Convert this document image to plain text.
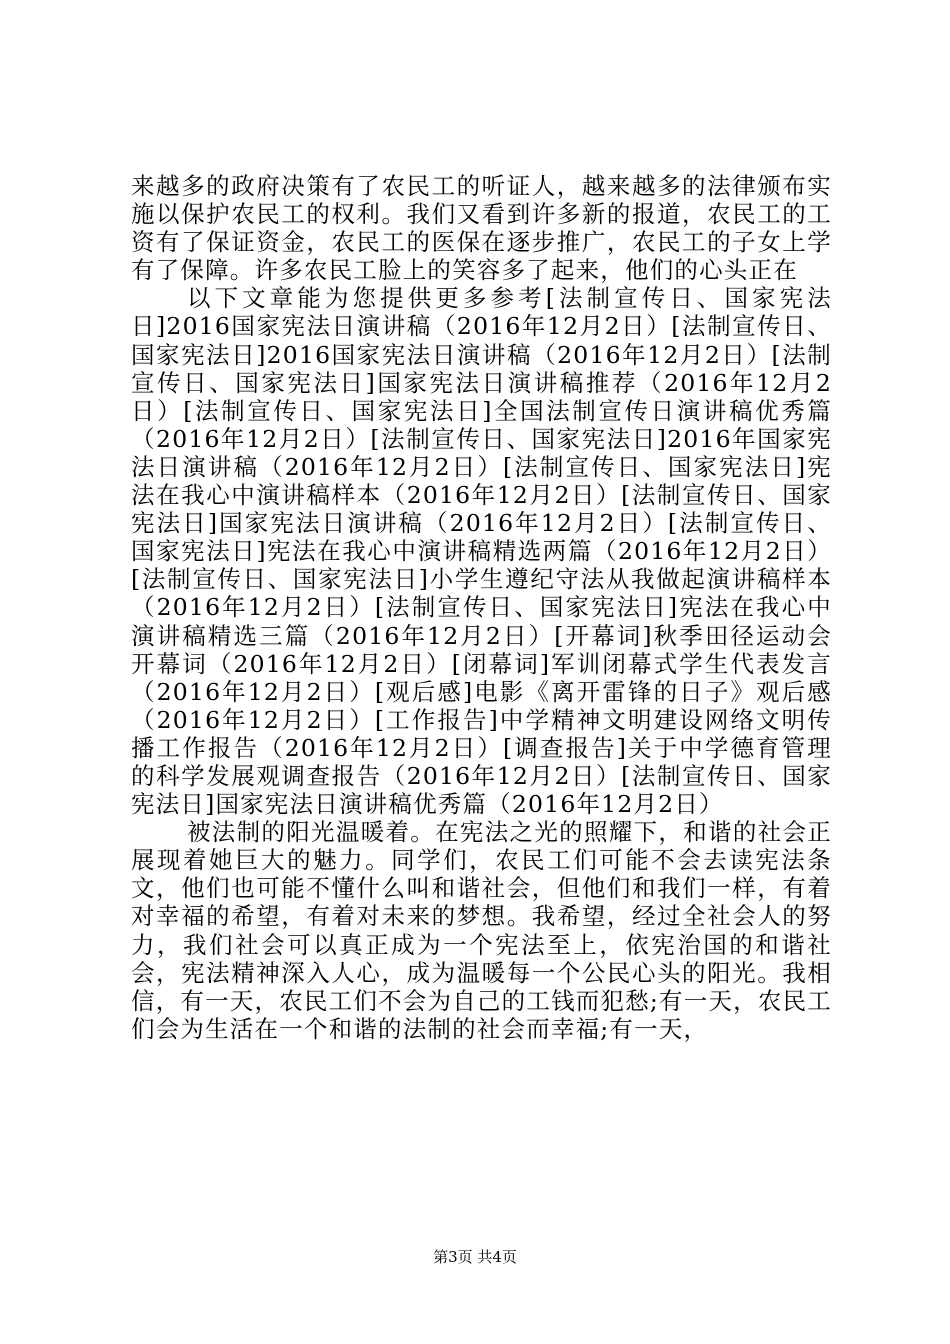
来越多的政府决策有了农民工的听证人，越来越多的法律颁布实施以保护农民工的权利。我们又看到许多新的报道，农民工的工资有了保证资金，农民工的医保在逐步推广，农民工的子女上学有了保障。许多农民工脸上的笑容多了起来，他们的心头正在

以下文章能为您提供更多参考[法制宣传日、国家宪法日]2016国家宪法日演讲稿（2016年12月2日）[法制宣传日、国家宪法日]2016国家宪法日演讲稿（2016年12月2日）[法制宣传日、国家宪法日]国家宪法日演讲稿推荐（2016年12月2日）[法制宣传日、国家宪法日]全国法制宣传日演讲稿优秀篇（2016年12月2日）[法制宣传日、国家宪法日]2016年国家宪法日演讲稿（2016年12月2日）[法制宣传日、国家宪法日]宪法在我心中演讲稿样本（2016年12月2日）[法制宣传日、国家宪法日]国家宪法日演讲稿（2016年12月2日）[法制宣传日、国家宪法日]宪法在我心中演讲稿精选两篇（2016年12月2日）[法制宣传日、国家宪法日]小学生遵纪守法从我做起演讲稿样本（2016年12月2日）[法制宣传日、国家宪法日]宪法在我心中演讲稿精选三篇（2016年12月2日）[开幕词]秋季田径运动会开幕词（2016年12月2日）[闭幕词]军训闭幕式学生代表发言（2016年12月2日）[观后感]电影《离开雷锋的日子》观后感（2016年12月2日）[工作报告]中学精神文明建设网络文明传播工作报告（2016年12月2日）[调查报告]关于中学德育管理的科学发展观调查报告（2016年12月2日）[法制宣传日、国家宪法日]国家宪法日演讲稿优秀篇（2016年12月2日）

被法制的阳光温暖着。在宪法之光的照耀下，和谐的社会正展现着她巨大的魅力。同学们，农民工们可能不会去读宪法条文，他们也可能不懂什么叫和谐社会，但他们和我们一样，有着对幸福的希望，有着对未来的梦想。我希望，经过全社会人的努力，我们社会可以真正成为一个宪法至上，依宪治国的和谐社会，宪法精神深入人心，成为温暖每一个公民心头的阳光。我相信，有一天，农民工们不会为自己的工钱而犯愁;有一天，农民工们会为生活在一个和谐的法制的社会而幸福;有一天，

第3页 共4页
